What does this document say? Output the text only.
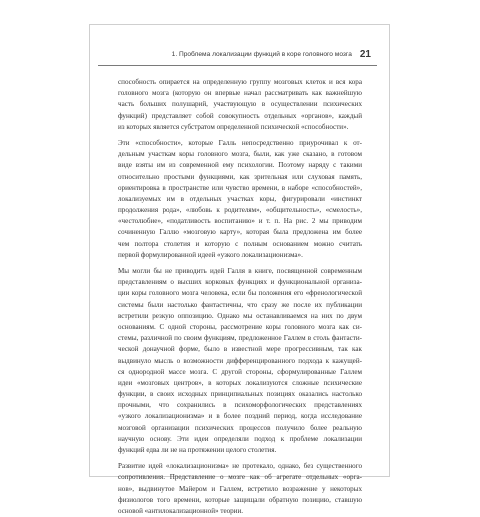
1. Проблема локализации функций в коре головного мозга 21
способность опирается на определенную группу мозговых клеток и вся кора
головного мозга (которую он впервые начал рассматривать как важнейшую
часть больших полушарий, участвующую в осуществлении психических
функций) представляет собой совокупность отдельных «органов», каждый
из которых является субстратом определенной психической «способности».
Эти «способности», которые Галль непосредственно приурочивал к от-
дельным участкам коры головного мозга, были, как уже сказано, в готовом
виде взяты им из современной ему психологии. Поэтому наряду с такими
относительно простыми функциями, как зрительная или слуховая память,
ориентировка в пространстве или чувство времени, в наборе «способностей»,
локализуемых им в отдельных участках коры, фигурировали «инстинкт
продолжения рода», «любовь к родителям», «общительность», «смелость»,
«честолюбие», «податливость воспитанию» и т. п. На рис. 2 мы приводим
сочиненную Галлю «мозговую карту», которая была предложена им более
чем полтора столетия и которую с полным основанием можно считать
первой формулированной идеей «узкого локализационизма».
Мы могли бы не приводить идей Галля в книге, посвященной современным
представлениям о высших корковых функциях и функциональной организа-
ции коры головного мозга человека, если бы положения его «френологической
системы были настолько фантастичны, что сразу же после их публикации
встретили резкую оппозицию. Однако мы останавливаемся на них по двум
основаниям. С одной стороны, рассмотрение коры головного мозга как си-
стемы, различной по своим функциям, предложенное Галлем в столь фантасти-
ческой донаучной форме, было в известной мере прогрессивным, так как
выдвинуло мысль о возможности дифференцированного подхода к кажущей-
ся однородной массе мозга. С другой стороны, сформулированные Галлем
идеи «мозговых центров», в которых локализуются сложные психические
функции, в своих исходных принципиальных позициях оказались настолько
прочными, что сохранились в психоморфологических представлениях
«узкого локализационизма» и в более поздний период, когда исследование
мозговой организации психических процессов получило более реальную
научную основу. Эти идеи определяли подход к проблеме локализации
функций едва ли не на протяжении целого столетия.
Развитие идей «локализационизма» не протекало, однако, без существенного
сопротивления. Представление о мозге как об агрегате отдельных «орга-
нов», выдвинутое Майером и Галлем, встретило возражение у некоторых
физиологов того времени, которые защищали обратную позицию, ставшую
основой «антилокализационной» теории.
